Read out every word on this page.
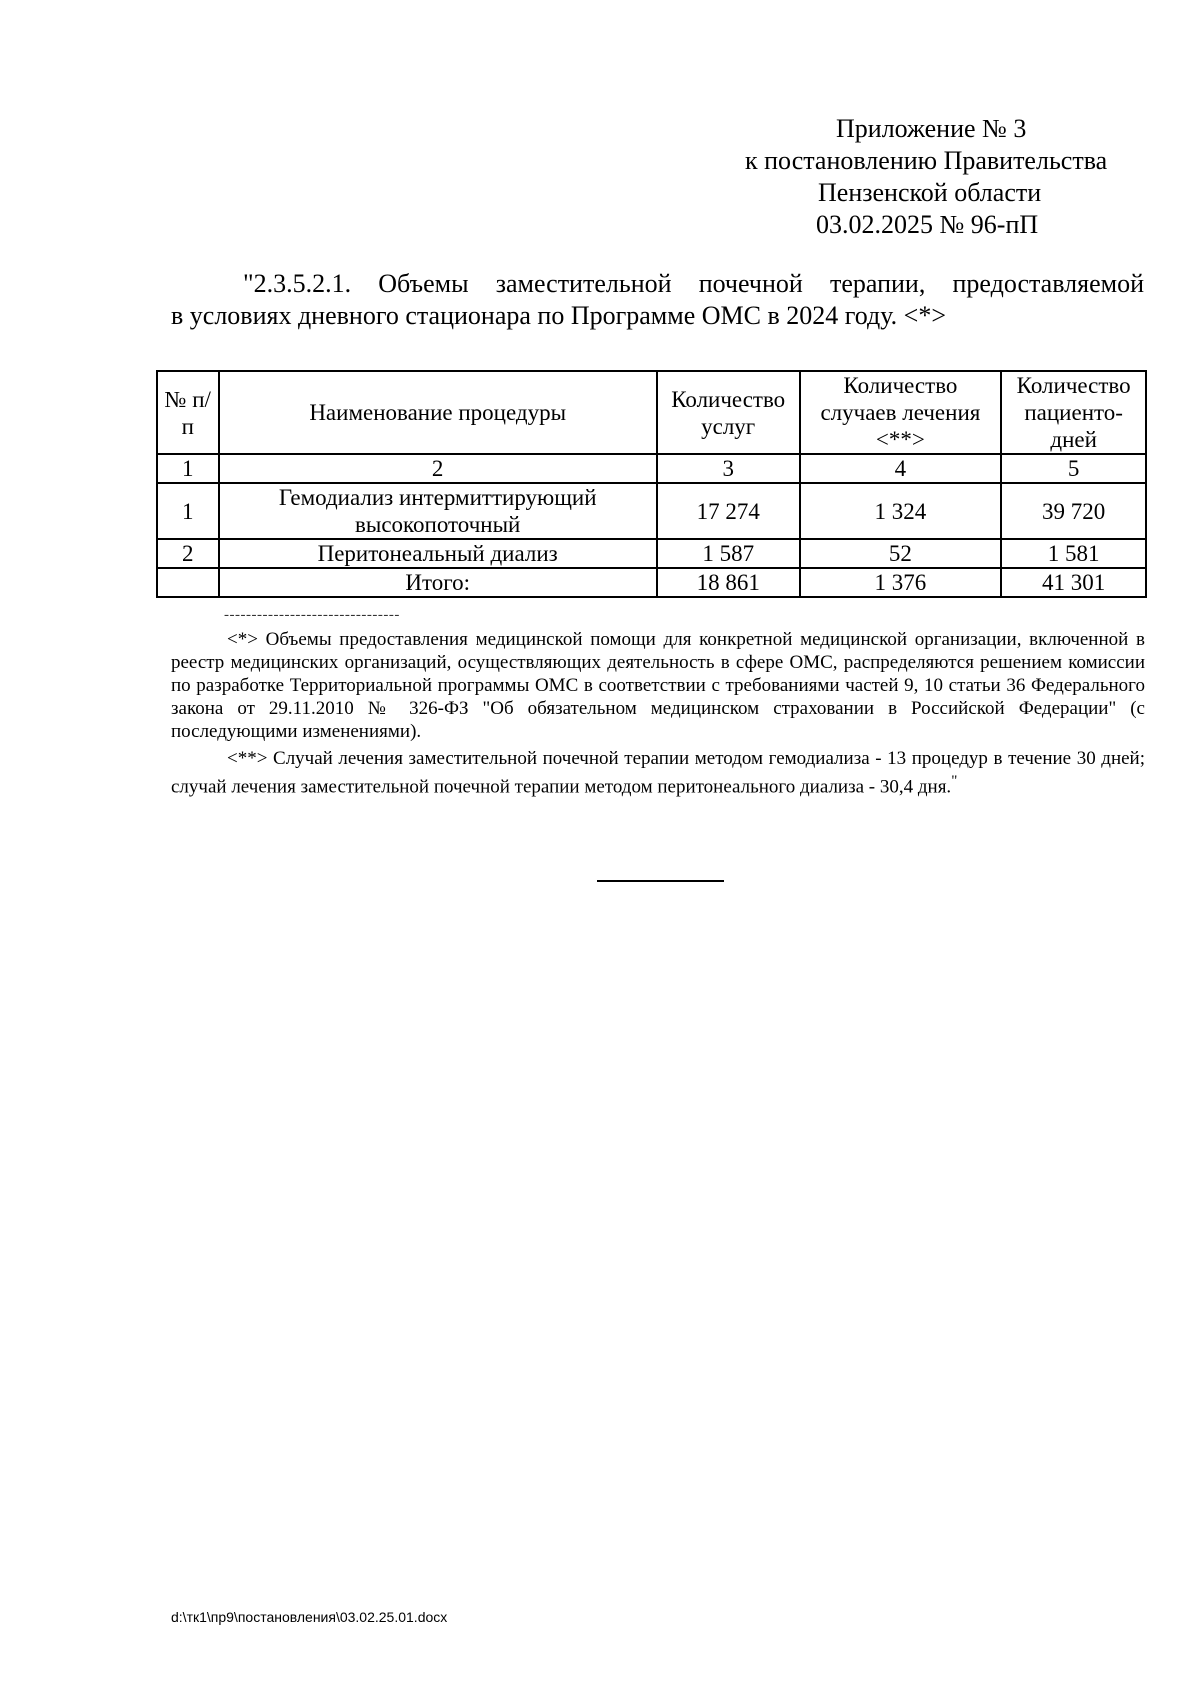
Приложение № 3
к постановлению Правительства
Пензенской области
03.02.2025 № 96-пП
"2.3.5.2.1. Объемы заместительной почечной терапии, предоставляемой
в условиях дневного стационара по Программе ОМС в 2024 году. <*>
№ п/п	Наименование процедуры	Количество услуг	Количество случаев лечения <**>	Количество пациенто-дней
1	2	3	4	5
1	Гемодиализ интермиттирующий высокопоточный	17 274	1 324	39 720
2	Перитонеальный диализ	1 587	52	1 581
	Итого:	18 861	1 376	41 301
--------------------------------

<*> Объемы предоставления медицинской помощи для конкретной медицинской организации, включенной в реестр медицинских организаций, осуществляющих деятельность в сфере ОМС, распределяются решением комиссии по разработке Территориальной программы ОМС в соответствии с требованиями частей 9, 10 статьи 36 Федерального закона от 29.11.2010 № 326-ФЗ "Об обязательном медицинском страховании в Российской Федерации" (с последующими изменениями).

<**> Случай лечения заместительной почечной терапии методом гемодиализа - 13 процедур в течение 30 дней; случай лечения заместительной почечной терапии методом перитонеального диализа - 30,4 дня."

d:\тк1\пр9\постановления\03.02.25.01.docx
